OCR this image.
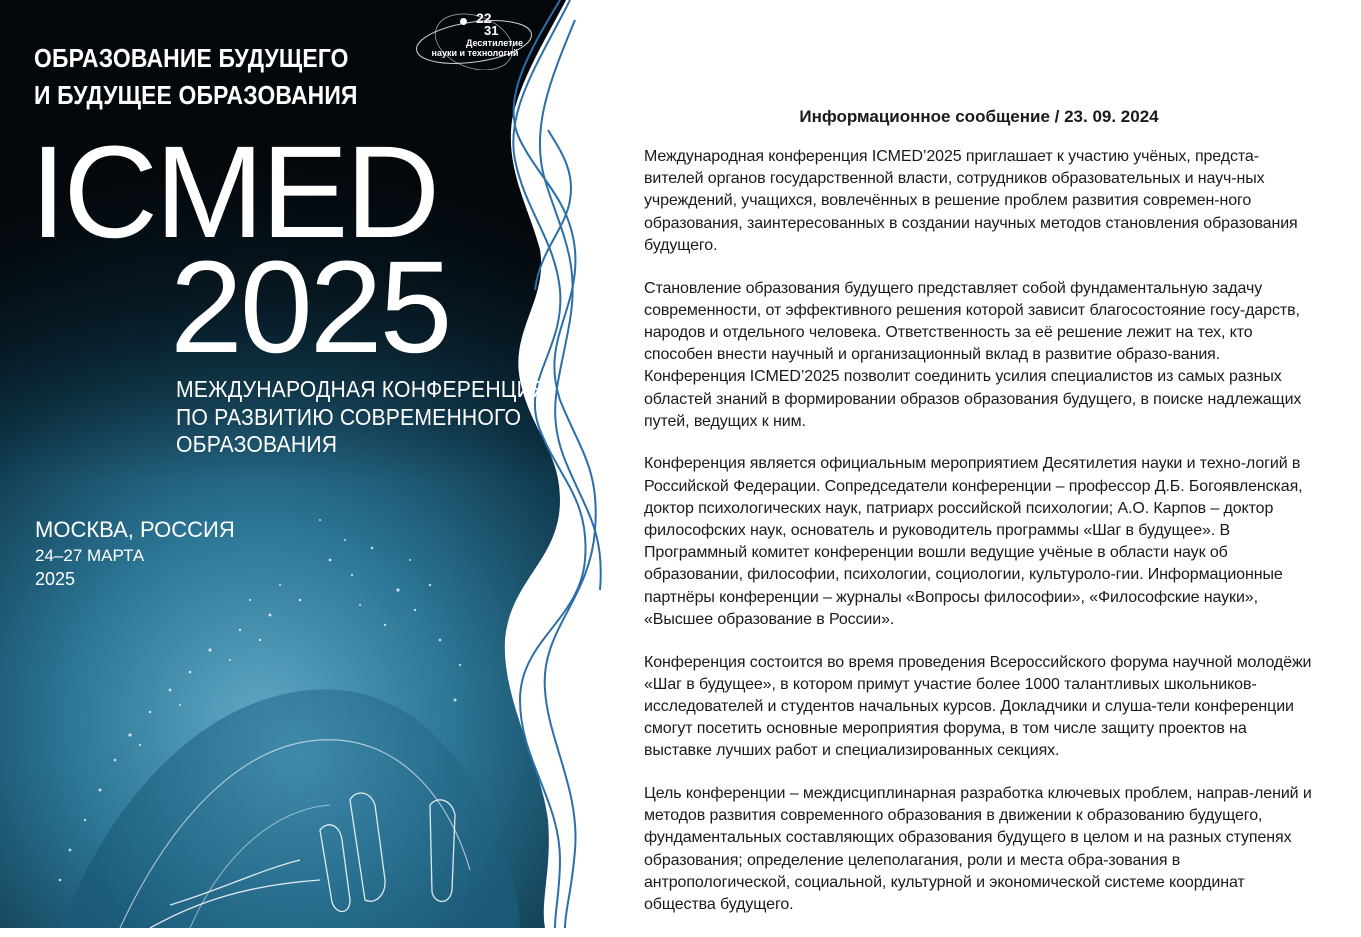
22
31
Десятилетие
науки и технологий
ОБРАЗОВАНИЕ БУДУЩЕГО
И БУДУЩЕЕ ОБРАЗОВАНИЯ
ICMED
2025
МЕЖДУНАРОДНАЯ КОНФЕРЕНЦИЯ
ПО РАЗВИТИЮ СОВРЕМЕННОГО
ОБРАЗОВАНИЯ
МОСКВА, РОССИЯ
24–27 МАРТА
2025
Информационное сообщение / 23. 09. 2024

Международная конференция ICMED’2025 приглашает к участию учёных, предста-вителей органов государственной власти, сотрудников образовательных и науч-ных учреждений, учащихся, вовлечённых в решение проблем развития современ-ного образования, заинтересованных в создании научных методов становления образования будущего.

Становление образования будущего представляет собой фундаментальную задачу современности, от эффективного решения которой зависит благосостояние госу-дарств, народов и отдельного человека. Ответственность за её решение лежит на тех, кто способен внести научный и организационный вклад в развитие образо-вания. Конференция ICMED’2025 позволит соединить усилия специалистов из самых разных областей знаний в формировании образов образования будущего, в поиске надлежащих путей, ведущих к ним.

Конференция является официальным мероприятием Десятилетия науки и техно-логий в Российской Федерации. Сопредседатели конференции – профессор Д.Б. Богоявленская, доктор психологических наук, патриарх российской психологии; А.О. Карпов – доктор философских наук, основатель и руководитель программы «Шаг в будущее». В Программный комитет конференции вошли ведущие учёные в области наук об образовании, философии, психологии, социологии, культуроло-гии. Информационные партнёры конференции – журналы «Вопросы философии», «Философские науки», «Высшее образование в России».

Конференция состоится во время проведения Всероссийского форума научной молодёжи «Шаг в будущее», в котором примут участие более 1000 талантливых школьников-исследователей и студентов начальных курсов. Докладчики и слуша-тели конференции смогут посетить основные мероприятия форума, в том числе защиту проектов на выставке лучших работ и специализированных секциях.

Цель конференции – междисциплинарная разработка ключевых проблем, направ-лений и методов развития современного образования в движении к образованию будущего, фундаментальных составляющих образования будущего в целом и на разных ступенях образования; определение целеполагания, роли и места обра-зования в антропологической, социальной, культурной и экономической системе координат общества будущего.
